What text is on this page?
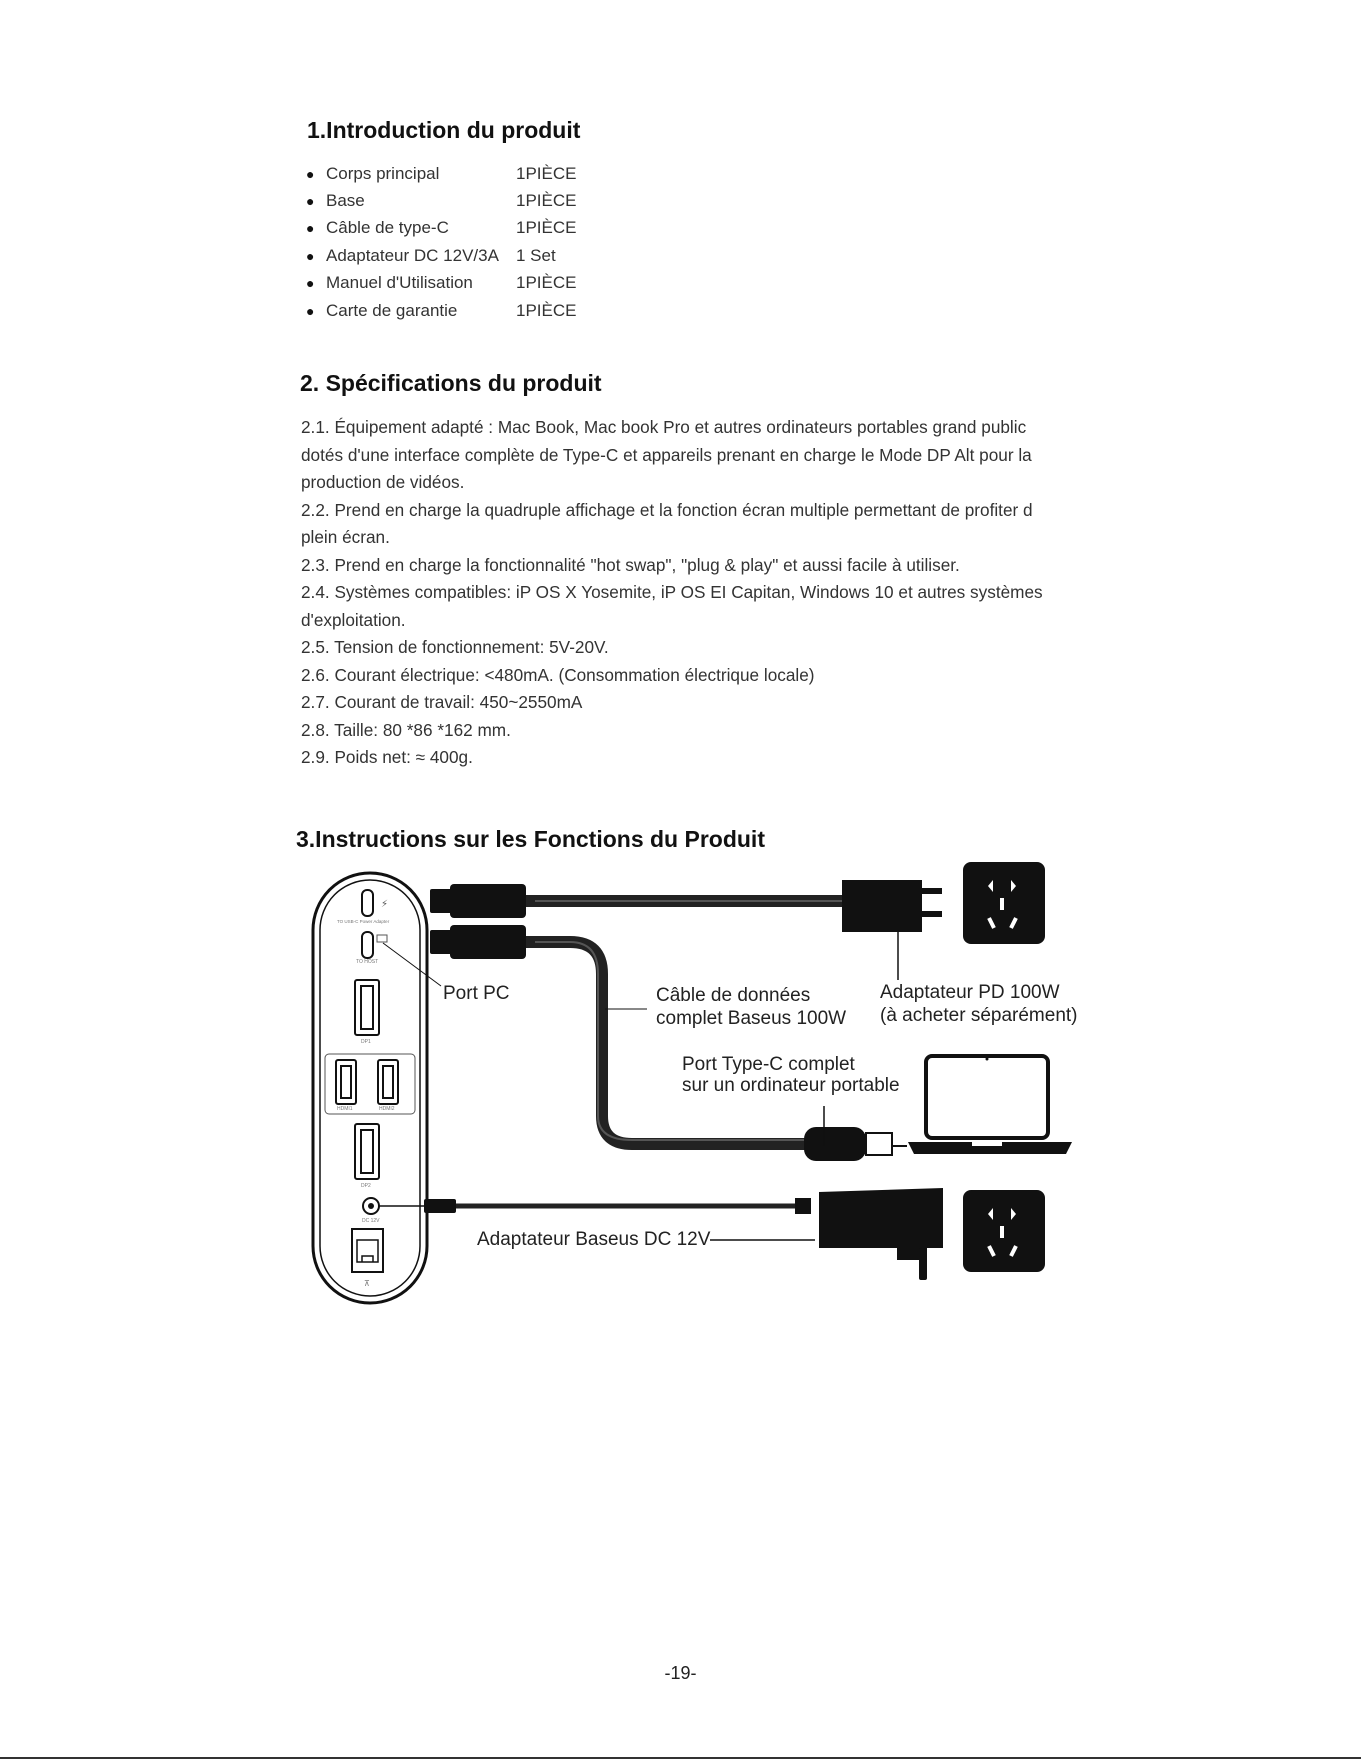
1.Introduction du produit
● Corps principal	1PIÈCE
● Base	1PIÈCE
● Câble de type-C	1PIÈCE
● Adaptateur DC 12V/3A	1 Set
● Manuel d'Utilisation	1PIÈCE
● Carte de garantie	1PIÈCE
2. Spécifications du produit

2.1. Équipement adapté : Mac Book, Mac book Pro et autres ordinateurs portables grand public

dotés d'une interface complète de Type-C et appareils prenant en charge le Mode DP Alt pour la

production de vidéos.

2.2. Prend en charge la quadruple affichage et la fonction écran multiple permettant de profiter d

plein écran.

2.3. Prend en charge la fonctionnalité "hot swap", "plug & play" et aussi facile à utiliser.

2.4. Systèmes compatibles: iP OS X Yosemite, iP OS EI Capitan, Windows 10 et autres systèmes

d'exploitation.

2.5. Tension de fonctionnement: 5V-20V.

2.6. Courant électrique: <480mA. (Consommation électrique locale)

2.7. Courant de travail: 450~2550mA

2.8. Taille: 80 *86 *162 mm.

2.9. Poids net: ≈ 400g.

3.Instructions sur les Fonctions du Produit
⚡
TO USB-C Power Adapter
TO HOST
DP1
HDMI1	HDMI2
DP2
DC 12V
⊼
Port PC	Câble de données
complet Baseus 100W
Adaptateur PD 100W
(à acheter séparément)
Port Type-C complet
sur un ordinateur portable
Adaptateur Baseus DC 12V
-19-
